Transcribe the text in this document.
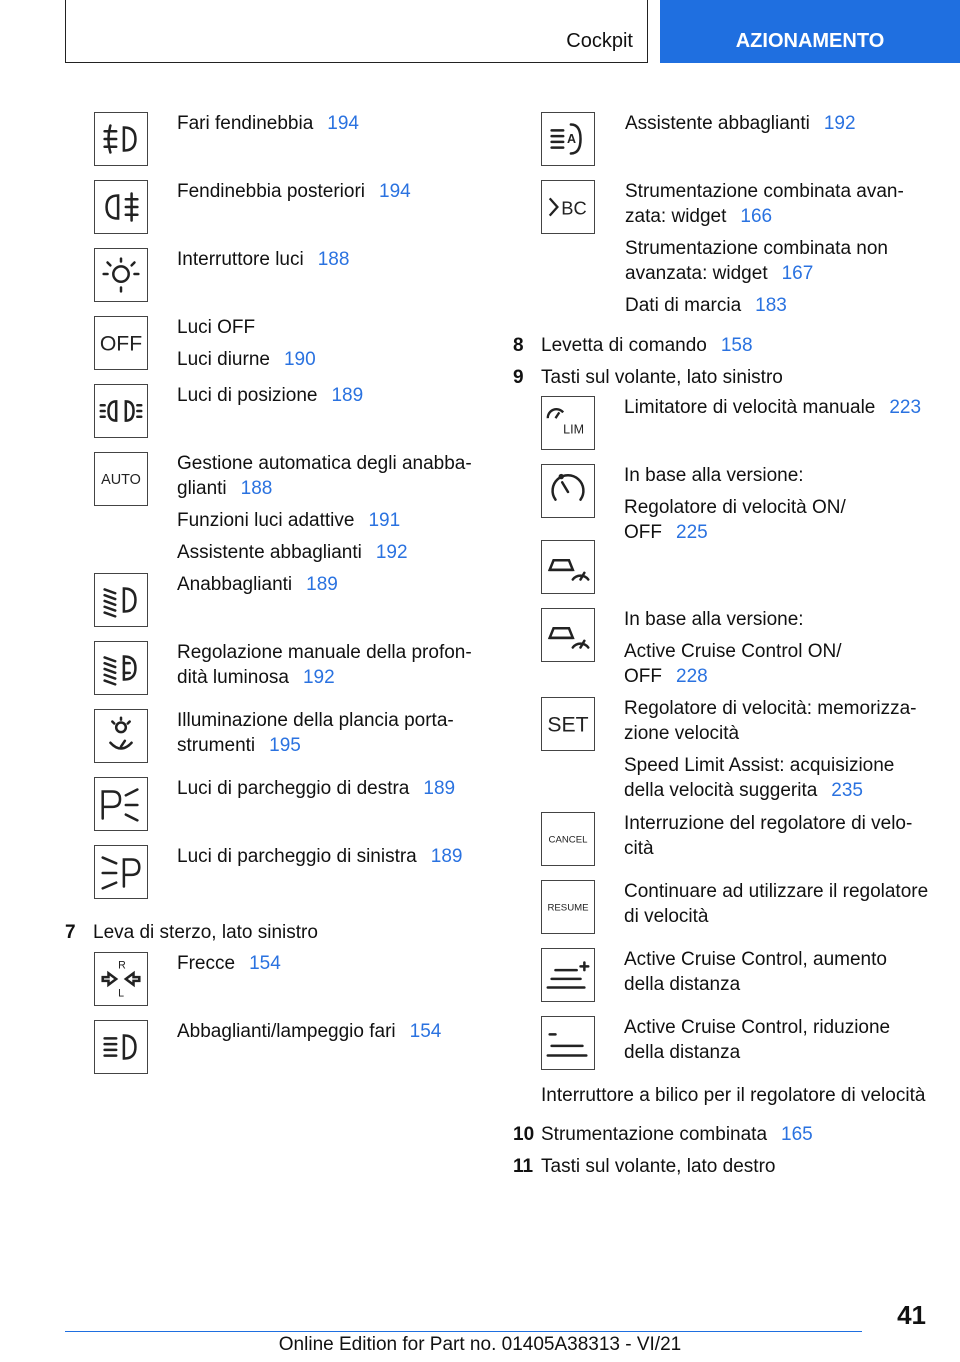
Cockpit	AZIONAMENTO
Fari fendinebbia 194
Fendinebbia posteriori 194
Interruttore luci 188
OFF
Luci OFF
Luci diurne 190
Luci di posizione 189
AUTO
Gestione automatica degli anabba-
glianti 188
Funzioni luci adattive 191
Assistente abbaglianti 192
Anabbaglianti 189
Regolazione manuale della profon-
dità luminosa 192
Illuminazione della plancia porta-
strumenti 195
Luci di parcheggio di destra 189
Luci di parcheggio di sinistra 189
7 Leva di sterzo, lato sinistro
R
L
Frecce 154
Abbaglianti/lampeggio fari 154
A
Assistente abbaglianti 192
BC
Strumentazione combinata avan-
zata: widget 166
Strumentazione combinata non
avanzata: widget 167
Dati di marcia 183
8 Levetta di comando 158
9 Tasti sul volante, lato sinistro
LIM
Limitatore di velocità manuale 223
In base alla versione:
Regolatore di velocità ON/
OFF 225
In base alla versione:
Active Cruise Control ON/
OFF 228
SET
Regolatore di velocità: memorizza-
zione velocità
Speed Limit Assist: acquisizione
della velocità suggerita 235
CANCEL
Interruzione del regolatore di velo-
cità
RESUME
Continuare ad utilizzare il regolatore
di velocità
Active Cruise Control, aumento
della distanza
Active Cruise Control, riduzione
della distanza
Interruttore a bilico per il regolatore di velocità
10 Strumentazione combinata 165
11 Tasti sul volante, lato destro
41
Online Edition for Part no. 01405A38313 - VI/21
